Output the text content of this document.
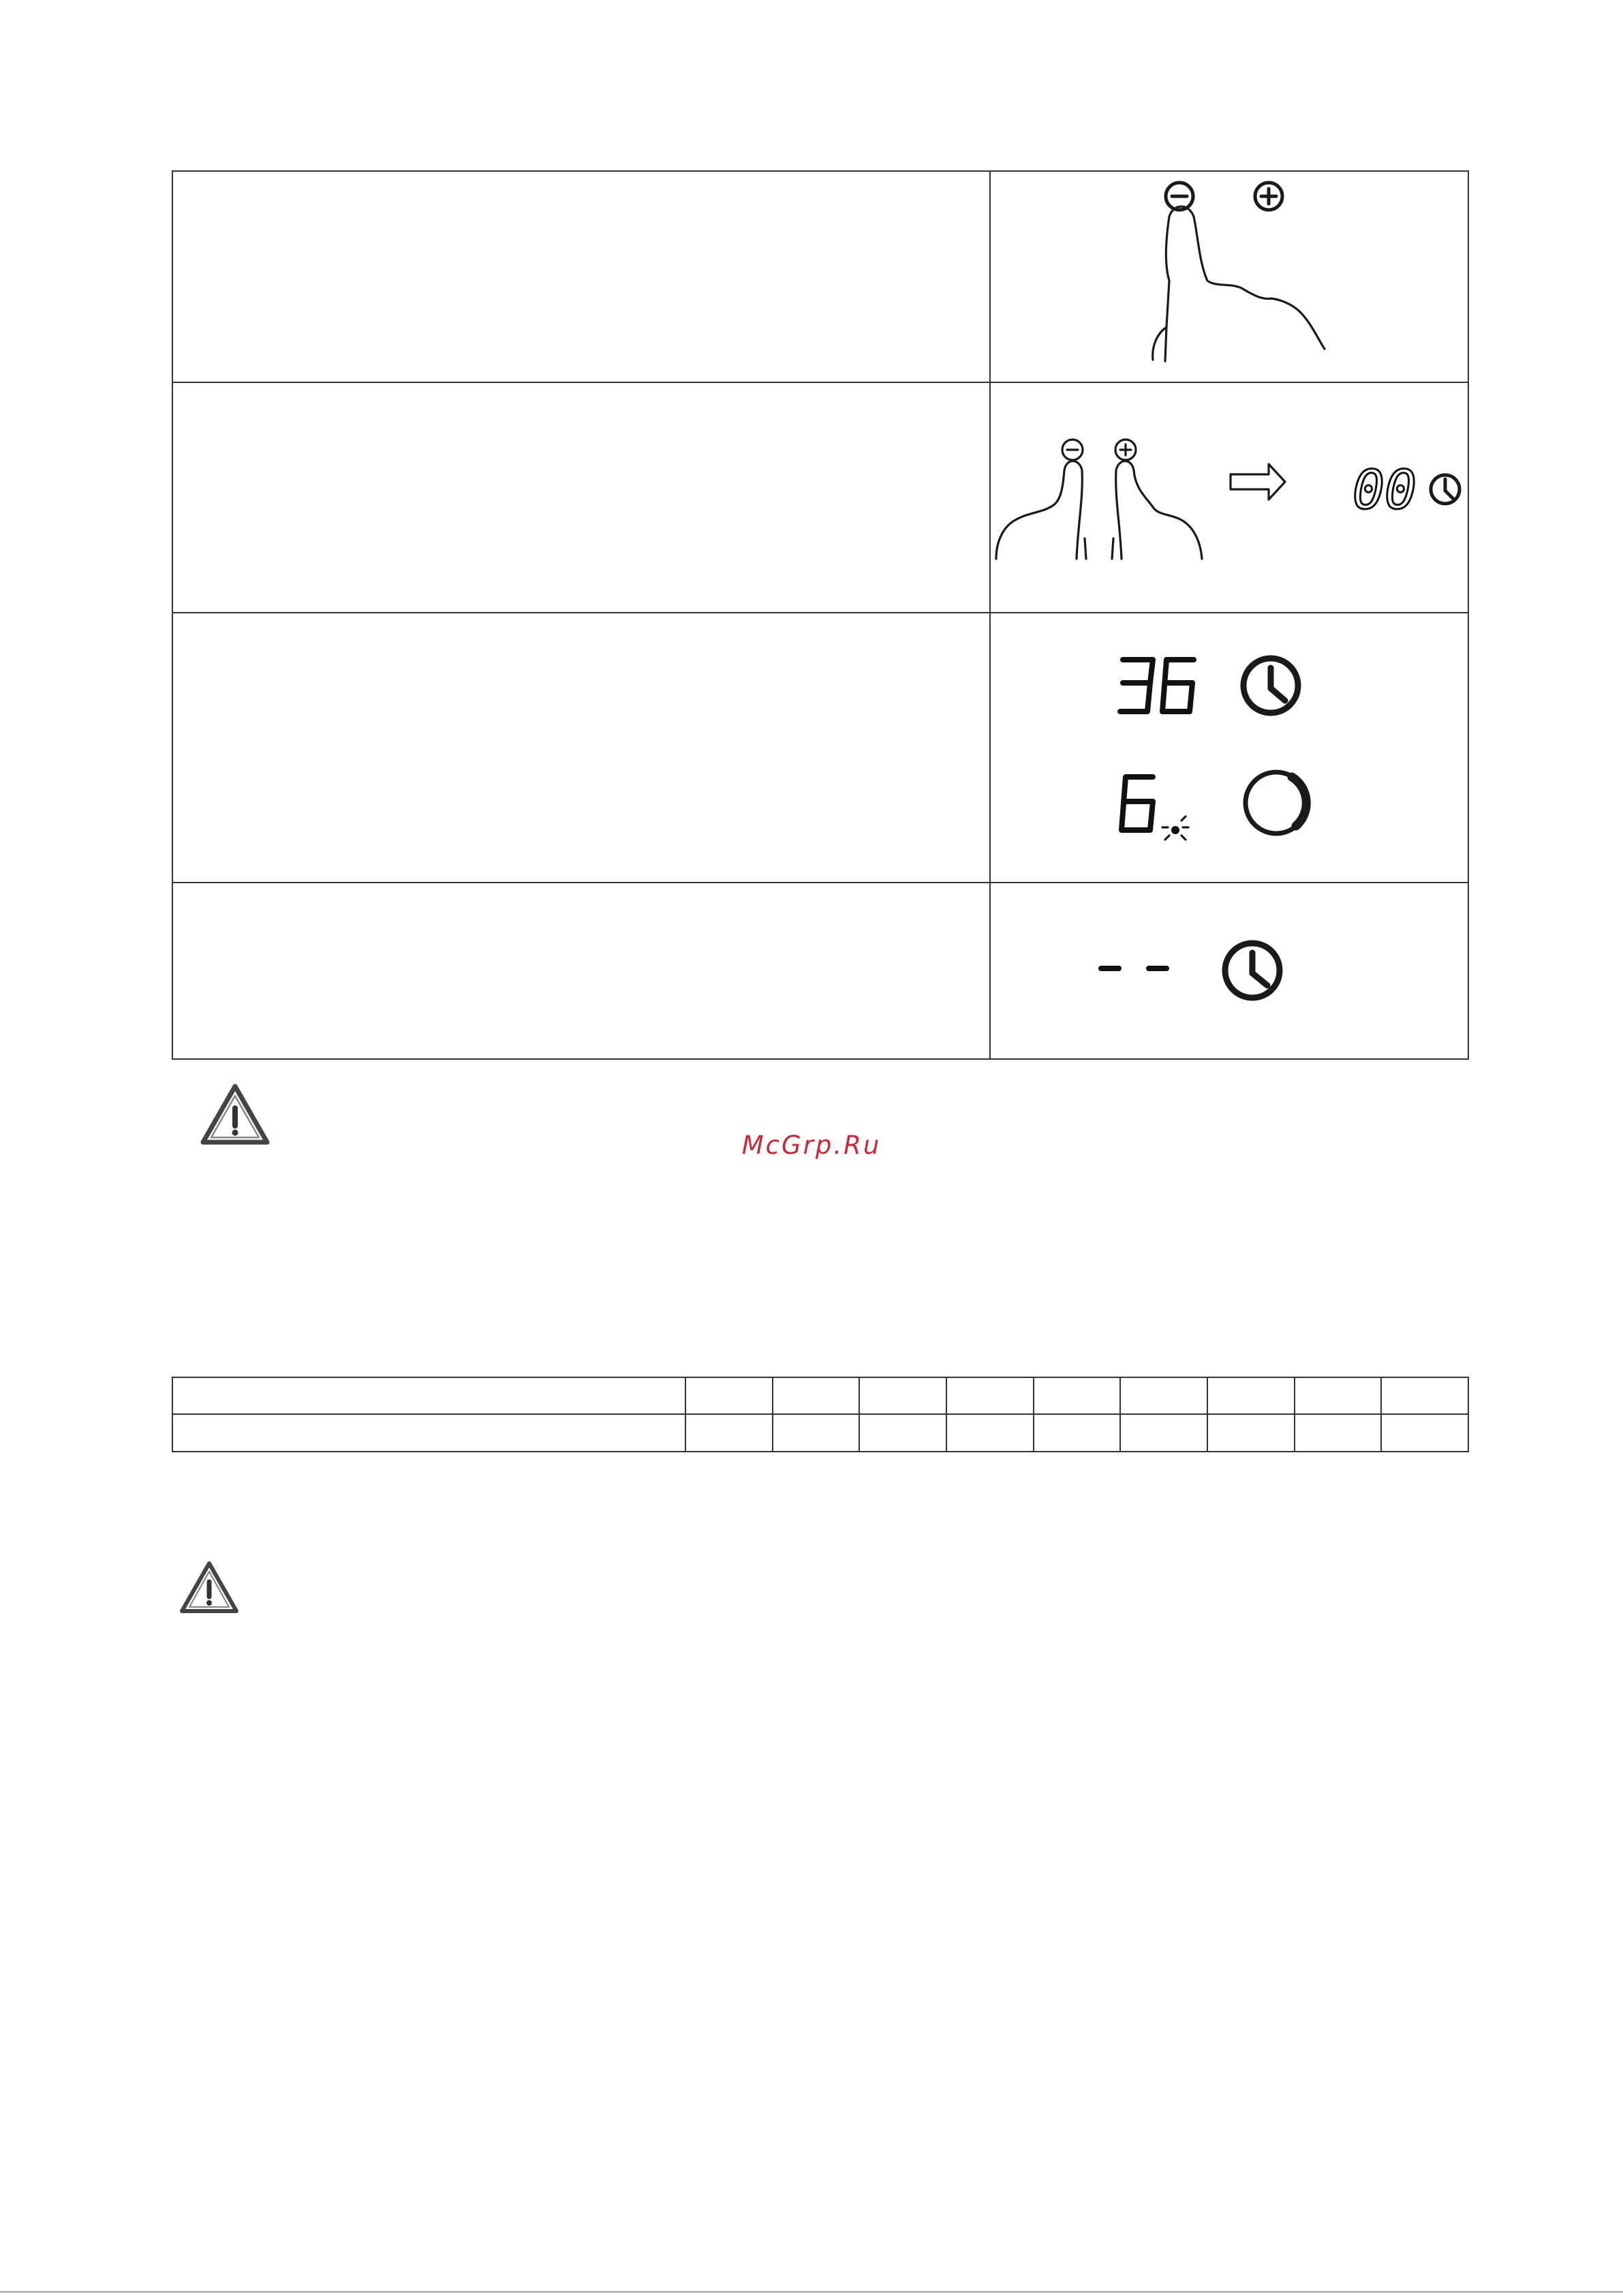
00
McGrp.Ru
